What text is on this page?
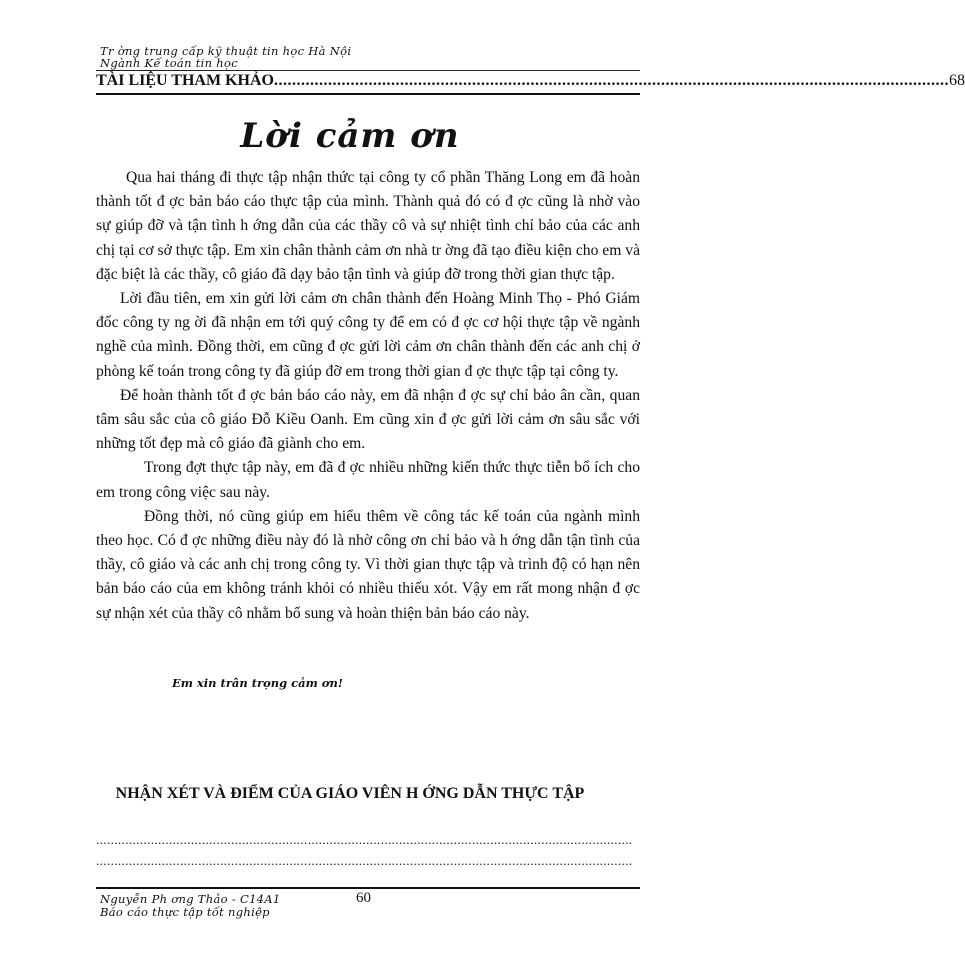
Tr ờng trung cấp kỹ thuật tin học Hà Nội
Ngành Kế toán tin học
TÀI LIỆU THAM KHẢO ...................................................................................................................................................... 68
Lời cảm ơn

Qua hai tháng đi thực tập nhận thức tại công ty cổ phần Thăng Long em đã hoàn thành tốt đ ợc bản báo cáo thực tập của mình. Thành quả đó có đ ợc cũng là nhờ vào sự giúp đỡ và tận tình h ớng dẫn của các thầy cô và sự nhiệt tình chỉ bảo của các anh chị tại cơ sở thực tập. Em xin chân thành cảm ơn nhà tr ờng đã tạo điều kiện cho em và đặc biệt là các thầy, cô giáo đã dạy bảo tận tình và giúp đỡ trong thời gian thực tập.

Lời đầu tiên, em xin gửi lời cảm ơn chân thành đến Hoàng Minh Thọ - Phó Giám đốc công ty ng ời đã nhận em tới quý công ty để em có đ ợc cơ hội thực tập về ngành nghề của mình. Đồng thời, em cũng đ ợc gửi lời cảm ơn chân thành đến các anh chị ở phòng kế toán trong công ty đã giúp đỡ em trong thời gian đ ợc thực tập tại công ty.

Để hoàn thành tốt đ ợc bản báo cáo này, em đã nhận đ ợc sự chỉ bảo ân cần, quan tâm sâu sắc của cô giáo Đỗ Kiều Oanh. Em cũng xin đ ợc gửi lời cảm ơn sâu sắc với những tốt đẹp mà cô giáo đã giành cho em.

Trong đợt thực tập này, em đã đ ợc nhiều những kiến thức thực tiễn bổ ích cho em trong công việc sau này.

Đồng thời, nó cũng giúp em hiểu thêm về công tác kế toán của ngành mình theo học. Có đ ợc những điều này đó là nhờ công ơn chỉ bảo và h ớng dẫn tận tình của thầy, cô giáo và các anh chị trong công ty. Vì thời gian thực tập và trình độ có hạn nên bản báo cáo của em không tránh khỏi có nhiều thiếu xót. Vậy em rất mong nhận đ ợc sự nhận xét của thầy cô nhằm bổ sung và hoàn thiện bản báo cáo này.

Em xin trân trọng cảm ơn!
NHẬN XÉT VÀ ĐIỂM CỦA GIÁO VIÊN H ỚNG DẪN THỰC TẬP
...................................................................................................................................................
...................................................................................................................................................
Nguyễn Ph ơng Thảo - C14A1
Báo cáo thực tập tốt nghiệp
60
